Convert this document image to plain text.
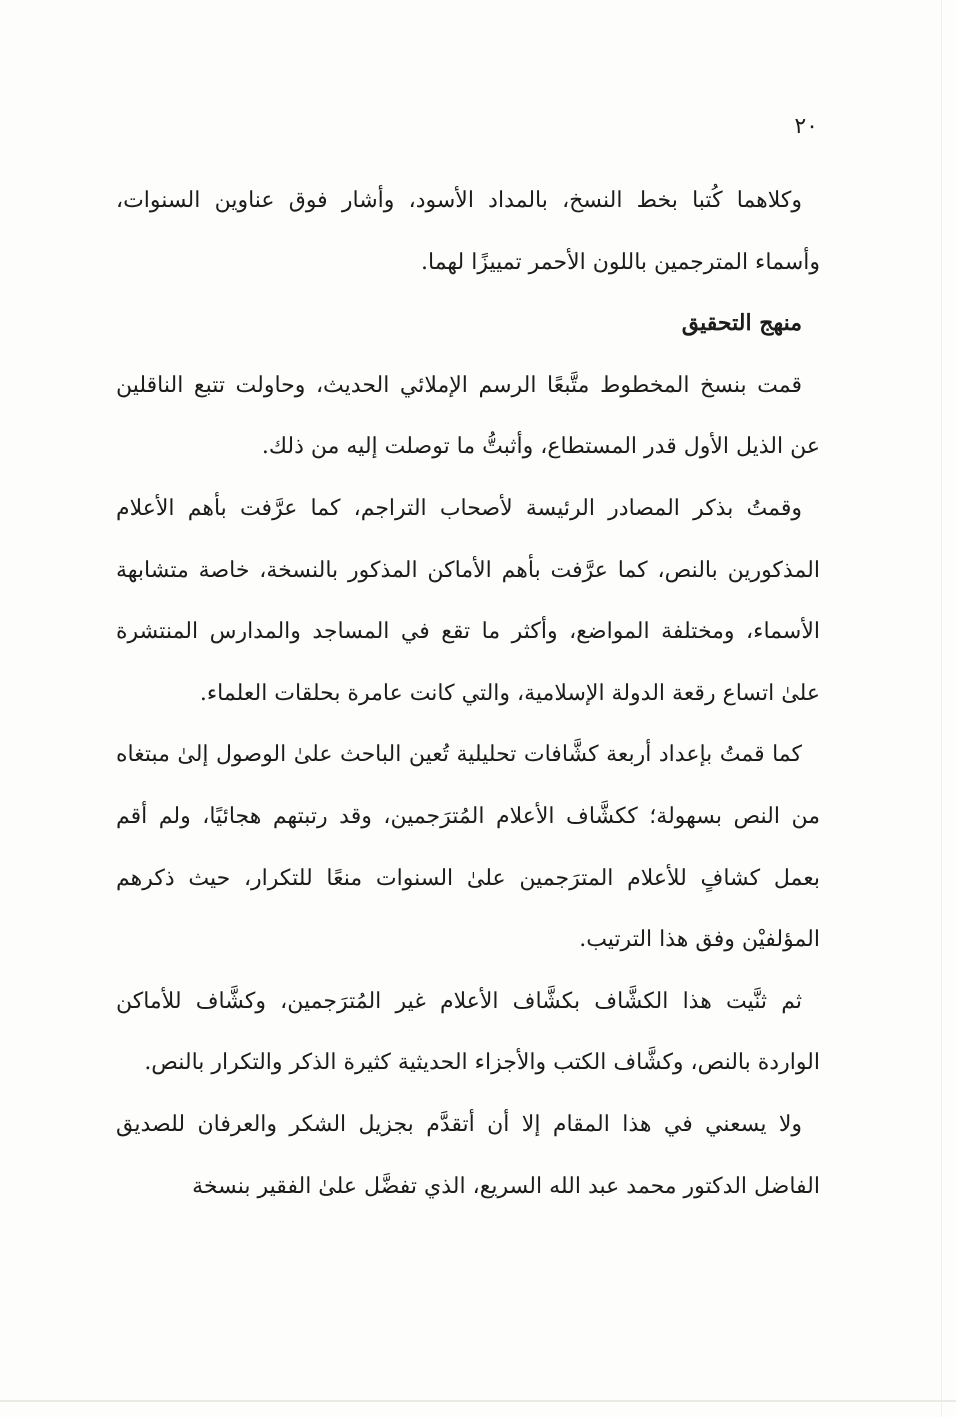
٢٠

وكلاهما كُتبا بخط النسخ، بالمداد الأسود، وأشار فوق عناوين السنوات، وأسماء المترجمين باللون الأحمر تمييزًا لهما.

منهج التحقيق

قمت بنسخ المخطوط متَّبعًا الرسم الإملائي الحديث، وحاولت تتبع الناقلين عن الذيل الأول قدر المستطاع، وأثبتُّ ما توصلت إليه من ذلك.

وقمتُ بذكر المصادر الرئيسة لأصحاب التراجم، كما عرَّفت بأهم الأعلام المذكورين بالنص، كما عرَّفت بأهم الأماكن المذكور بالنسخة، خاصة متشابهة الأسماء، ومختلفة المواضع، وأكثر ما تقع في المساجد والمدارس المنتشرة علىٰ اتساع رقعة الدولة الإسلامية، والتي كانت عامرة بحلقات العلماء.

كما قمتُ بإعداد أربعة كشَّافات تحليلية تُعين الباحث علىٰ الوصول إلىٰ مبتغاه من النص بسهولة؛ ككشَّاف الأعلام المُترَجمين، وقد رتبتهم هجائيًا، ولم أقم بعمل كشافٍ للأعلام المترَجمين علىٰ السنوات منعًا للتكرار، حيث ذكرهم المؤلفيْن وفق هذا الترتيب.

ثم ثنَّيت هذا الكشَّاف بكشَّاف الأعلام غير المُترَجمين، وكشَّاف للأماكن الواردة بالنص، وكشَّاف الكتب والأجزاء الحديثية كثيرة الذكر والتكرار بالنص.

ولا يسعني في هذا المقام إلا أن أتقدَّم بجزيل الشكر والعرفان للصديق الفاضل الدكتور محمد عبد الله السريع، الذي تفضَّل علىٰ الفقير بنسخة
